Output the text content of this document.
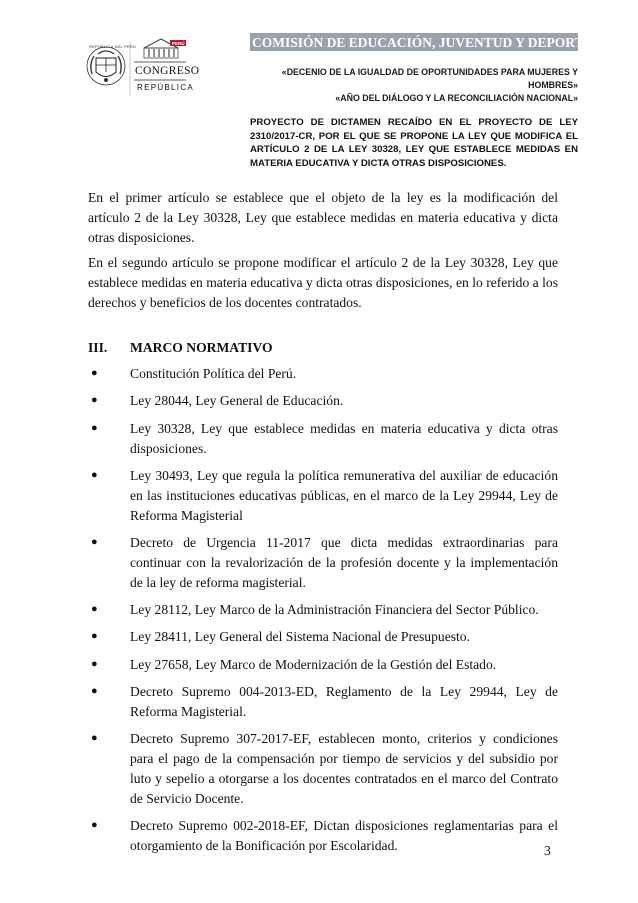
PERÚ
CONGRESO
REPÚBLICA
REPÚBLICA DEL PERÚ	COMISIÓN DE EDUCACIÓN, JUVENTUD Y DEPORTE
«DECENIO DE LA IGUALDAD DE OPORTUNIDADES PARA MUJERES Y HOMBRES»
«AÑO DEL DIÁLOGO Y LA RECONCILIACIÓN NACIONAL»
PROYECTO DE DICTAMEN RECAÍDO EN EL PROYECTO DE LEY 2310/2017-CR, POR EL QUE SE PROPONE LA LEY QUE MODIFICA EL ARTÍCULO 2 DE LA LEY 30328, LEY QUE ESTABLECE MEDIDAS EN MATERIA EDUCATIVA Y DICTA OTRAS DISPOSICIONES.

En el primer artículo se establece que el objeto de la ley es la modificación del artículo 2 de la Ley 30328, Ley que establece medidas en materia educativa y dicta otras disposiciones.

En el segundo artículo se propone modificar el artículo 2 de la Ley 30328, Ley que establece medidas en materia educativa y dicta otras disposiciones, en lo referido a los derechos y beneficios de los docentes contratados.

III. MARCO NORMATIVO
● Constitución Política del Perú.
● Ley 28044, Ley General de Educación.
● Ley 30328, Ley que establece medidas en materia educativa y dicta otras disposiciones.
● Ley 30493, Ley que regula la política remunerativa del auxiliar de educación en las instituciones educativas públicas, en el marco de la Ley 29944, Ley de Reforma Magisterial
● Decreto de Urgencia 11-2017 que dicta medidas extraordinarias para continuar con la revalorización de la profesión docente y la implementación de la ley de reforma magisterial.
● Ley 28112, Ley Marco de la Administración Financiera del Sector Público.
● Ley 28411, Ley General del Sistema Nacional de Presupuesto.
● Ley 27658, Ley Marco de Modernización de la Gestión del Estado.
● Decreto Supremo 004-2013-ED, Reglamento de la Ley 29944, Ley de Reforma Magisterial.
● Decreto Supremo 307-2017-EF, establecen monto, criterios y condiciones para el pago de la compensación por tiempo de servicios y del subsidio por luto y sepelio a otorgarse a los docentes contratados en el marco del Contrato de Servicio Docente.
● Decreto Supremo 002-2018-EF, Dictan disposiciones reglamentarias para el otorgamiento de la Bonificación por Escolaridad.	3
